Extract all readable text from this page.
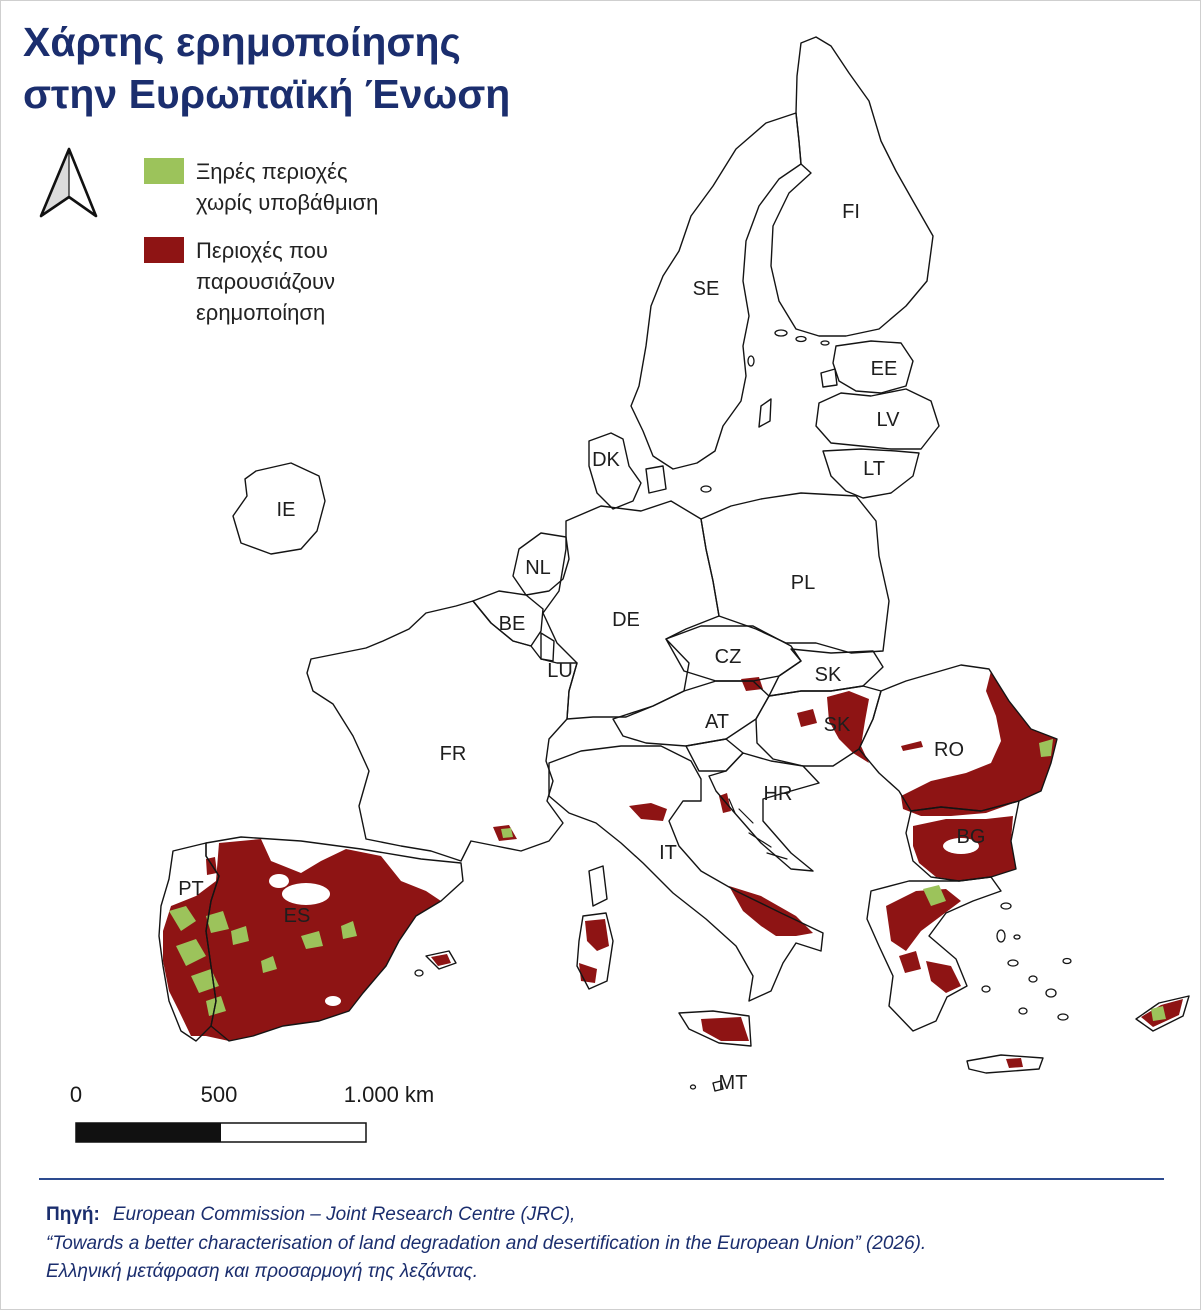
FI
SE
EE
LV
LT
DK
IE
NL
PL
BE	DE
CZ
LU	SK
AT	SK
RO
FR
HR
BG
IT
PT
ES
MT
0	500	1.000 km
Χάρτης ερημοποίησης
στην Ευρωπαϊκή Ένωση
Ξηρές περιοχές
χωρίς υποβάθμιση
Περιοχές που
παρουσιάζουν
ερημοποίηση
Πηγή: European Commission – Joint Research Centre (JRC),
“Towards a better characterisation of land degradation and desertification in the European Union” (2026).
Ελληνική μετάφραση και προσαρμογή της λεζάντας.
